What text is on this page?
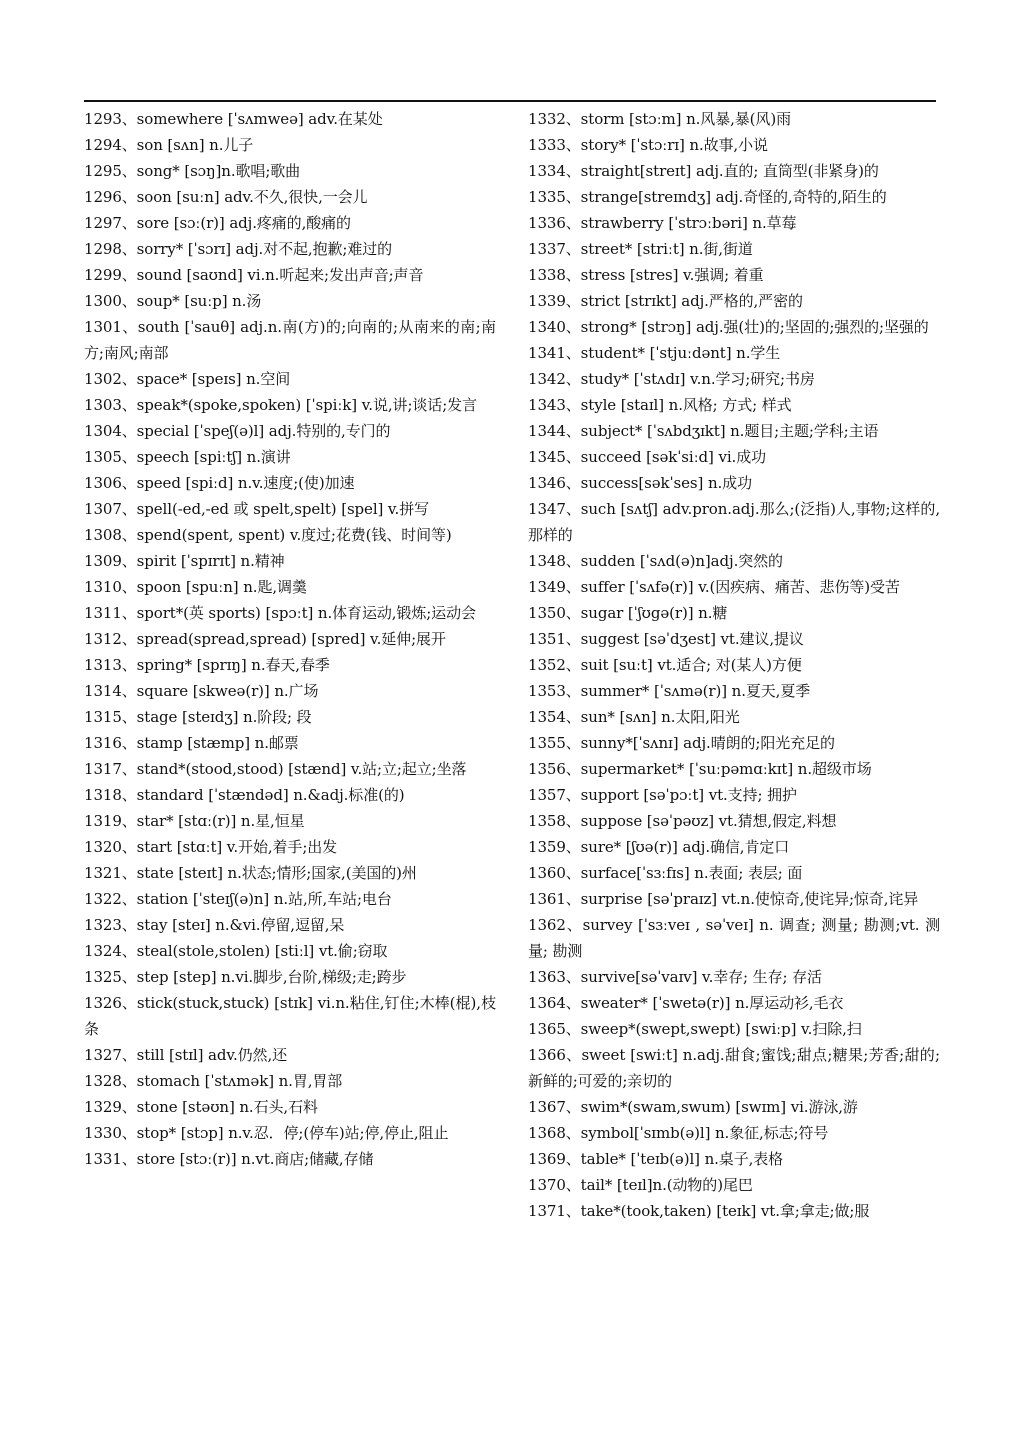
1293、somewhere [ˈsʌmweə] adv.在某处
1294、son [sʌn] n.儿子
1295、song* [sɔŋ]n.歌唱;歌曲
1296、soon [suːn] adv.不久,很快,一会儿
1297、sore [sɔː(r)] adj.疼痛的,酸痛的
1298、sorry* [ˈsɔrɪ] adj.对不起,抱歉;难过的
1299、sound [saʊnd] vi.n.听起来;发出声音;声音
1300、soup* [suːp] n.汤
1301、south [ˈsauθ] adj.n.南(方)的;向南的;从南来的南;南方;南风;南部
1302、space* [speɪs] n.空间
1303、speak*(spoke,spoken) [ˈspiːk] v.说,讲;谈话;发言
1304、special [ˈspeʃ(ə)l] adj.特别的,专门的
1305、speech [spiːtʃ] n.演讲
1306、speed [spiːd] n.v.速度;(使)加速
1307、spell(-ed,-ed 或 spelt,spelt) [spel] v.拼写
1308、spend(spent, spent) v.度过;花费(钱、时间等)
1309、spirit [ˈspɪrɪt] n.精神
1310、spoon [spuːn] n.匙,调羹
1311、sport*(英 sports) [spɔːt] n.体育运动,锻炼;运动会
1312、spread(spread,spread) [spred] v.延伸;展开
1313、spring* [sprɪŋ] n.春天,春季
1314、square [skweə(r)] n.广场
1315、stage [steɪdʒ] n.阶段; 段
1316、stamp [stæmp] n.邮票
1317、stand*(stood,stood) [stænd] v.站;立;起立;坐落
1318、standard [ˈstændəd] n.&adj.标准(的)
1319、star* [stɑː(r)] n.星,恒星
1320、start [stɑːt] v.开始,着手;出发
1321、state [steɪt] n.状态;情形;国家,(美国的)州
1322、station [ˈsteɪʃ(ə)n] n.站,所,车站;电台
1323、stay [steɪ] n.&vi.停留,逗留,呆
1324、steal(stole,stolen) [stiːl] vt.偷;窃取
1325、step [step] n.vi.脚步,台阶,梯级;走;跨步
1326、stick(stuck,stuck) [stɪk] vi.n.粘住,钉住;木棒(棍),枝条
1327、still [stɪl] adv.仍然,还
1328、stomach [ˈstʌmək] n.胃,胃部
1329、stone [stəʊn] n.石头,石料
1330、stop* [stɔp] n.v.忍．停;(停车)站;停,停止,阻止
1331、store [stɔː(r)] n.vt.商店;储藏,存储
1332、storm [stɔːm] n.风暴,暴(风)雨
1333、story* [ˈstɔːrɪ] n.故事,小说
1334、straight[streɪt] adj.直的; 直筒型(非紧身)的
1335、strange[streɪndʒ] adj.奇怪的,奇特的,陌生的
1336、strawberry [ˈstrɔːbəri] n.草莓
1337、street* [striːt] n.街,街道
1338、stress [stres] v.强调; 着重
1339、strict [strɪkt] adj.严格的,严密的
1340、strong* [strɔŋ] adj.强(壮)的;坚固的;强烈的;坚强的
1341、student* [ˈstjuːdənt] n.学生
1342、study* [ˈstʌdɪ] v.n.学习;研究;书房
1343、style [staɪl] n.风格; 方式; 样式
1344、subject* [ˈsʌbdʒɪkt] n.题目;主题;学科;主语
1345、succeed [səkˈsiːd] vi.成功
1346、success[səkˈses] n.成功
1347、such [sʌtʃ] adv.pron.adj.那么;(泛指)人,事物;这样的,那样的
1348、sudden [ˈsʌd(ə)n]adj.突然的
1349、suffer [ˈsʌfə(r)] v.(因疾病、痛苦、悲伤等)受苦
1350、sugar [ˈʃʊgə(r)] n.糖
1351、suggest [səˈdʒest] vt.建议,提议
1352、suit [suːt] vt.适合; 对(某人)方便
1353、summer* [ˈsʌmə(r)] n.夏天,夏季
1354、sun* [sʌn] n.太阳,阳光
1355、sunny*[ˈsʌnɪ] adj.晴朗的;阳光充足的
1356、supermarket* [ˈsuːpəmɑːkɪt] n.超级市场
1357、support [səˈpɔːt] vt.支持; 拥护
1358、suppose [səˈpəʊz] vt.猜想,假定,料想
1359、sure* [ʃʊə(r)] adj.确信,肯定口
1360、surface[ˈsɜːfɪs] n.表面; 表层; 面
1361、surprise [səˈpraɪz] vt.n.使惊奇,使诧异;惊奇,诧异
1362、survey [ˈsɜːveɪ , səˈveɪ] n. 调查; 测量; 勘测;vt. 测量; 勘测
1363、survive[səˈvaɪv] v.幸存; 生存; 存活
1364、sweater* [ˈswetə(r)] n.厚运动衫,毛衣
1365、sweep*(swept,swept) [swiːp] v.扫除,扫
1366、sweet [swiːt] n.adj.甜食;蜜饯;甜点;糖果;芳香;甜的;新鲜的;可爱的;亲切的
1367、swim*(swam,swum) [swɪm] vi.游泳,游
1368、symbol[ˈsɪmb(ə)l] n.象征,标志;符号
1369、table* [ˈteɪb(ə)l] n.桌子,表格
1370、tail* [teɪl]n.(动物的)尾巴
1371、take*(took,taken) [teɪk] vt.拿;拿走;做;服
